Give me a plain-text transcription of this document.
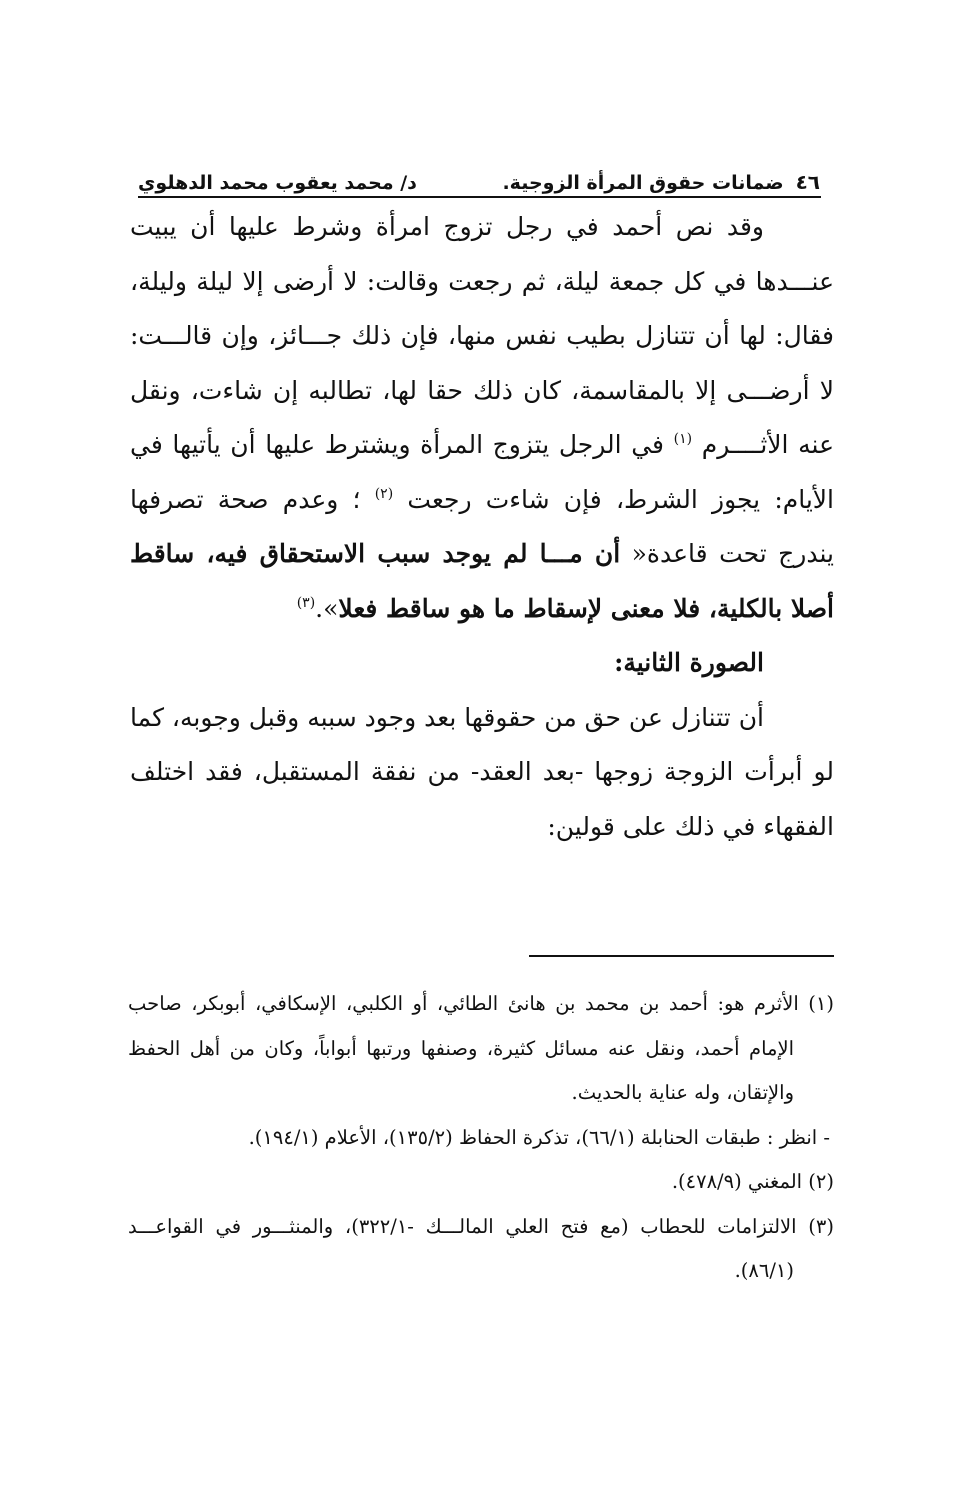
٤٦
ضمانات حقوق المرأة الزوجية.
د/ محمد يعقوب محمد الدهلوي

وقد نص أحمد في رجل تزوج امرأة وشرط عليها أن يبيت عنـــدها في كل جمعة ليلة، ثم رجعت وقالت: لا أرضى إلا ليلة وليلة، فقال: لها أن تتنازل بطيب نفس منها، فإن ذلك جـــائز، وإن قالـــت: لا أرضـــى إلا بالمقاسمة، كان ذلك حقا لها، تطالبه إن شاءت، ونقل عنه الأثــــرم $^{(١)}$ في الرجل يتزوج المرأة ويشترط عليها أن يأتيها في الأيام: يجوز الشرط، فإن شاءت رجعت $^{(٢)}$ ؛ وعدم صحة تصرفها يندرج تحت قاعدة« أن مـــا لم يوجد سبب الاستحقاق فيه، ساقط أصلا بالكلية، فلا معنى لإسقاط ما هو ساقط فعلا».$^{(٣)}$

الصورة الثانية:

أن تتنازل عن حق من حقوقها بعد وجود سببه وقبل وجوبه، كما لو أبرأت الزوجة زوجها -بعد العقد- من نفقة المستقبل، فقد اختلف الفقهاء في ذلك على قولين:

(١) الأثرم هو: أحمد بن محمد بن هانئ الطائي، أو الكلبي، الإسكافي، أبوبكر، صاحب الإمام أحمد، ونقل عنه مسائل كثيرة، وصنفها ورتبها أبواباً، وكان من أهل الحفظ والإتقان، وله عناية بالحديث.

- انظر : طبقات الحنابلة (٦٦/١)، تذكرة الحفاظ (١٣٥/٢)، الأعلام (١٩٤/١).

(٢) المغني (٤٧٨/٩).

(٣) الالتزامات للحطاب (مع فتح العلي المالـــك -٣٢٢/١)، والمنثـــور في القواعـــد (٨٦/١).
